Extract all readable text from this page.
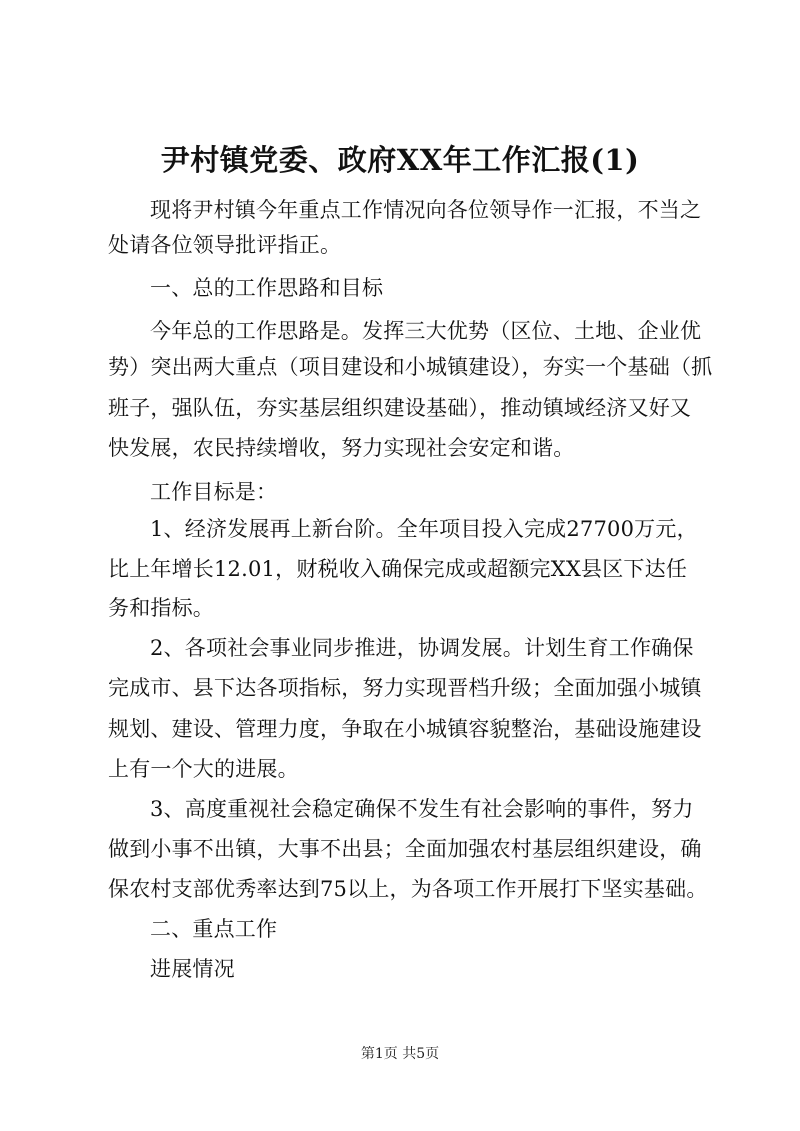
尹村镇党委、政府XX年工作汇报(1)
现将尹村镇今年重点工作情况向各位领导作一汇报，不当之
处请各位领导批评指正。
一、总的工作思路和目标
今年总的工作思路是。发挥三大优势（区位、土地、企业优
势）突出两大重点（项目建设和小城镇建设），夯实一个基础（抓
班子，强队伍，夯实基层组织建设基础），推动镇域经济又好又
快发展，农民持续增收，努力实现社会安定和谐。
工作目标是：
1、经济发展再上新台阶。全年项目投入完成27700万元，
比上年增长12.01，财税收入确保完成或超额完XX县区下达任
务和指标。
2、各项社会事业同步推进，协调发展。计划生育工作确保
完成市、县下达各项指标，努力实现晋档升级；全面加强小城镇
规划、建设、管理力度，争取在小城镇容貌整治，基础设施建设
上有一个大的进展。
3、高度重视社会稳定确保不发生有社会影响的事件，努力
做到小事不出镇，大事不出县；全面加强农村基层组织建设，确
保农村支部优秀率达到75以上，为各项工作开展打下坚实基础。
二、重点工作
进展情况
第1页 共5页
